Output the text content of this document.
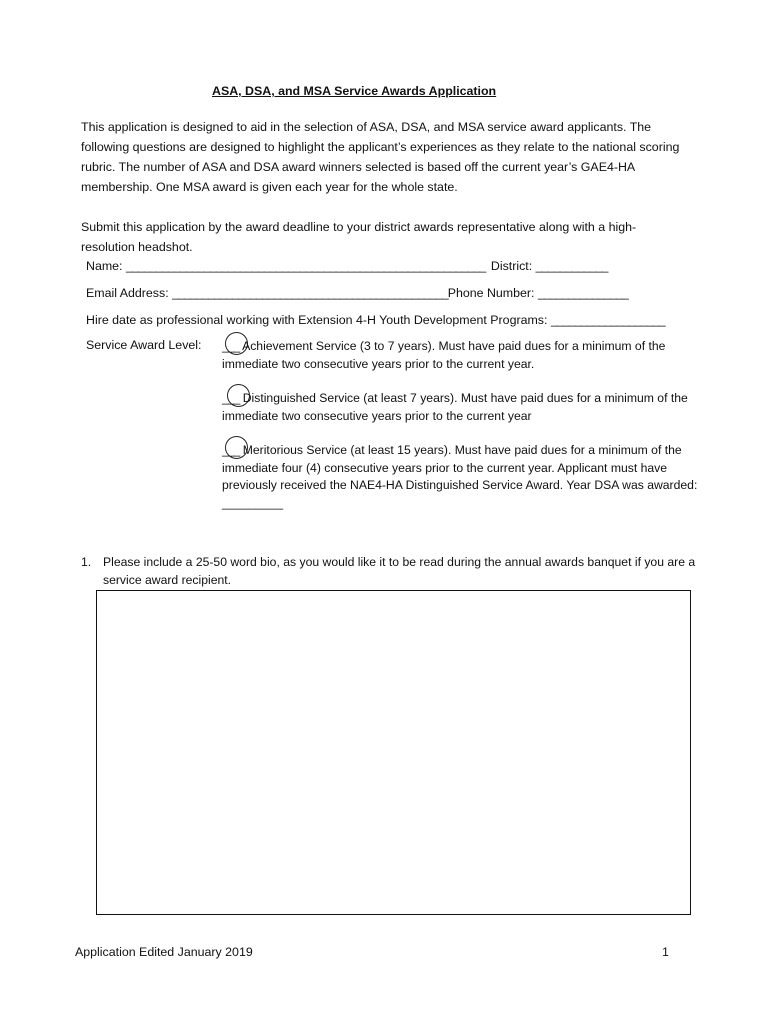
ASA, DSA, and MSA Service Awards Application
This application is designed to aid in the selection of ASA, DSA, and MSA service award applicants. The following questions are designed to highlight the applicant’s experiences as they relate to the national scoring rubric. The number of ASA and DSA award winners selected is based off the current year’s GAE4-HA membership. One MSA award is given each year for the whole state.
Submit this application by the award deadline to your district awards representative along with a high-resolution headshot.
Name: ____________________________________________________________ District: ____________
Email Address: ______________________________________________Phone Number: _______________
Hire date as professional working with Extension 4-H Youth Development Programs: ___________________
Service Award Level: ___ Achievement Service (3 to 7 years). Must have paid dues for a minimum of the immediate two consecutive years prior to the current year.
___ Distinguished Service (at least 7 years). Must have paid dues for a minimum of the immediate two consecutive years prior to the current year
___ Meritorious Service (at least 15 years). Must have paid dues for a minimum of the immediate four (4) consecutive years prior to the current year. Applicant must have previously received the NAE4-HA Distinguished Service Award. Year DSA was awarded: _________
1. Please include a 25-50 word bio, as you would like it to be read during the annual awards banquet if you are a service award recipient.
Application Edited January 2019	1
